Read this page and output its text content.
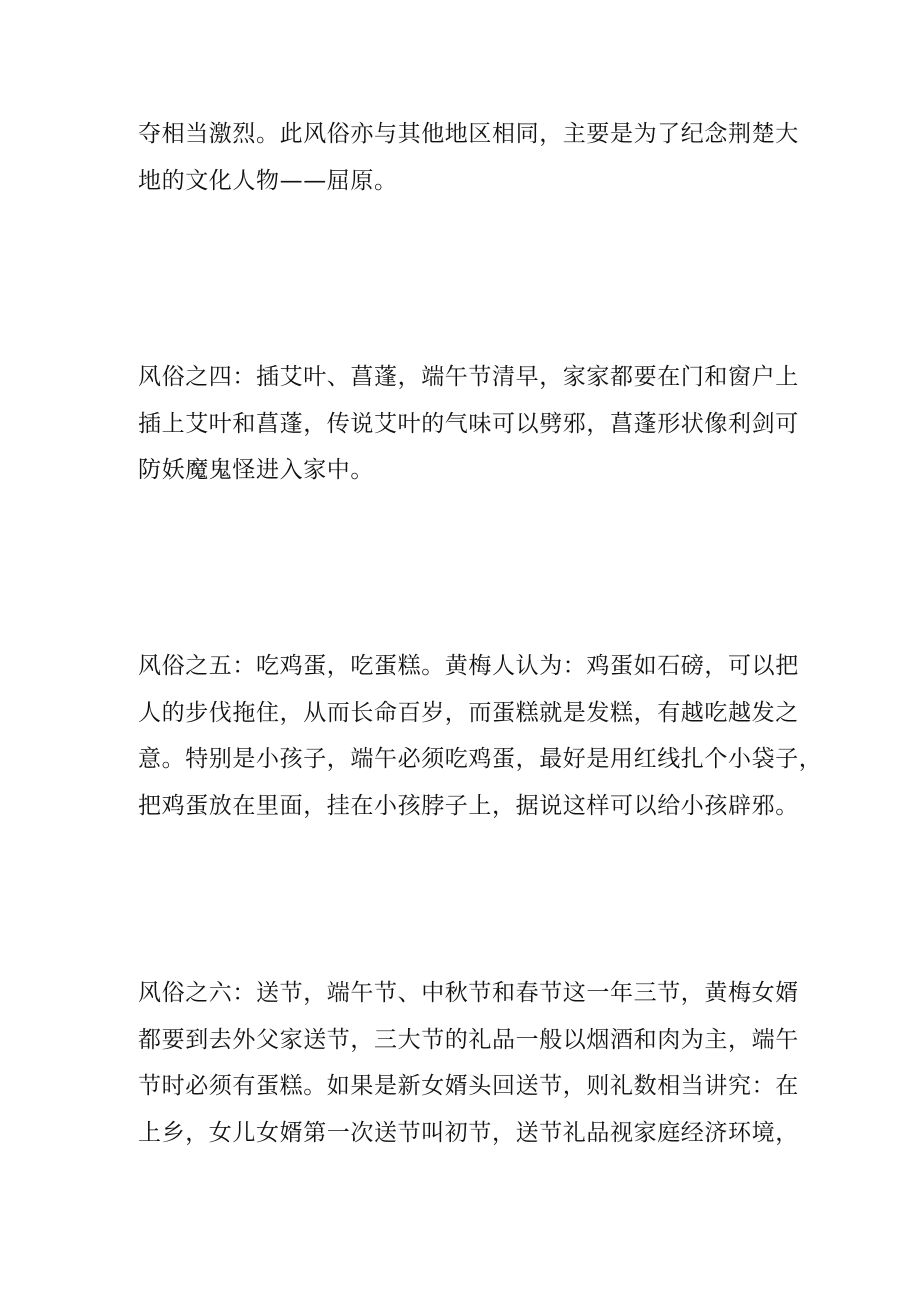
夺相当激烈。此风俗亦与其他地区相同，主要是为了纪念荆楚大
地的文化人物——屈原。

风俗之四：插艾叶、菖蓬，端午节清早，家家都要在门和窗户上
插上艾叶和菖蓬，传说艾叶的气味可以劈邪，菖蓬形状像利剑可
防妖魔鬼怪进入家中。

风俗之五：吃鸡蛋，吃蛋糕。黄梅人认为：鸡蛋如石磅，可以把
人的步伐拖住，从而长命百岁，而蛋糕就是发糕，有越吃越发之
意。特别是小孩子，端午必须吃鸡蛋，最好是用红线扎个小袋子，
把鸡蛋放在里面，挂在小孩脖子上，据说这样可以给小孩辟邪。

风俗之六：送节，端午节、中秋节和春节这一年三节，黄梅女婿
都要到去外父家送节，三大节的礼品一般以烟酒和肉为主，端午
节时必须有蛋糕。如果是新女婿头回送节，则礼数相当讲究：在
上乡，女儿女婿第一次送节叫初节，送节礼品视家庭经济环境，
